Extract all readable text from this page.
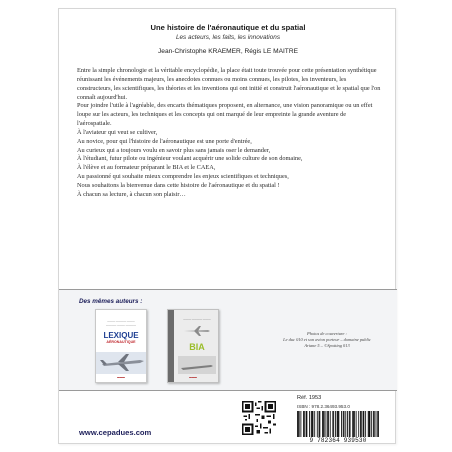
Une histoire de l'aéronautique et du spatial
Les acteurs, les faits, les innovations
Jean-Christophe KRAEMER, Régis LE MAITRE

Entre la simple chronologie et la véritable encyclopédie, la place était toute trouvée pour cette présentation synthétique réunissant les événements majeurs, les anecdotes connues ou moins connues, les pilotes, les inventeurs, les constructeurs, les scientifiques, les théories et les inventions qui ont initié et construit l'aéronautique et le spatial que l'on connaît aujourd'hui.

Pour joindre l'utile à l'agréable, des encarts thématiques proposent, en alternance, une vision panoramique ou un effet loupe sur les acteurs, les techniques et les concepts qui ont marqué de leur empreinte la grande aventure de l'aérospatiale.

À l'aviateur qui veut se cultiver,

Au novice, pour qui l'histoire de l'aéronautique est une porte d'entrée,

Au curieux qui a toujours voulu en savoir plus sans jamais oser le demander,

À l'étudiant, futur pilote ou ingénieur voulant acquérir une solide culture de son domaine,

À l'élève et au formateur préparant le BIA et le CAEA,

Au passionné qui souhaite mieux comprendre les enjeux scientifiques et techniques,

Nous souhaitons la bienvenue dans cette histoire de l'aéronautique et du spatial !

À chacun sa lecture, à chacun son plaisir…

Des mêmes auteurs :
——— ———— ———
———— ——— ————
LEXIQUE
AÉRONAUTIQUE
▬▬▬
——— ———— ———
BIA
▬▬▬
Photos de couverture :
Le duc 010 et son avion porteur – domaine public
Ariane 5 – ©Spotting 013
www.cepadues.com
Réf. 1953
ISBN : 978.2.36493.953.0
9 782364 939530
